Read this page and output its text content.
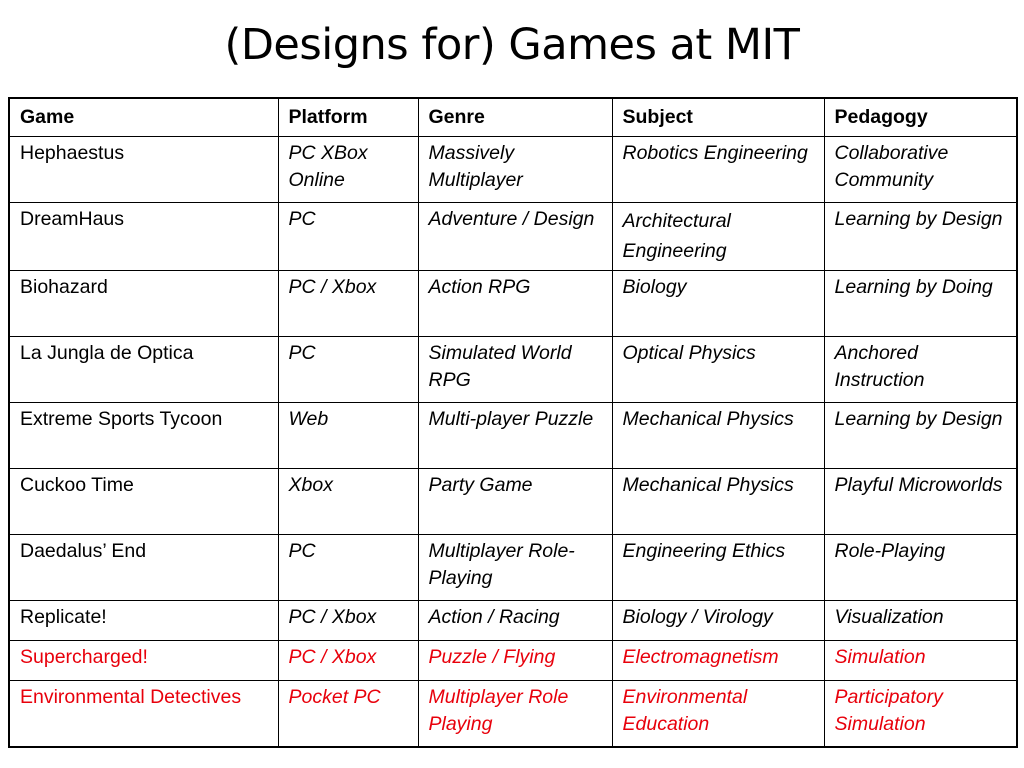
(Designs for) Games at MIT
Game	Platform	Genre	Subject	Pedagogy
Hephaestus	PC XBox Online	Massively Multiplayer	Robotics Engineering	Collaborative Community
DreamHaus	PC	Adventure / Design	Architectural Engineering	Learning by Design
Biohazard	PC / Xbox	Action RPG	Biology	Learning by Doing
La Jungla de Optica	PC	Simulated World RPG	Optical Physics	Anchored Instruction
Extreme Sports Tycoon	Web	Multi-player Puzzle	Mechanical Physics	Learning by Design
Cuckoo Time	Xbox	Party Game	Mechanical Physics	Playful Microworlds
Daedalus’ End	PC	Multiplayer Role-Playing	Engineering Ethics	Role-Playing
Replicate!	PC / Xbox	Action / Racing	Biology / Virology	Visualization
Supercharged!	PC / Xbox	Puzzle / Flying	Electromagnetism	Simulation
Environmental Detectives	Pocket PC	Multiplayer Role Playing	Environmental Education	Participatory Simulation
